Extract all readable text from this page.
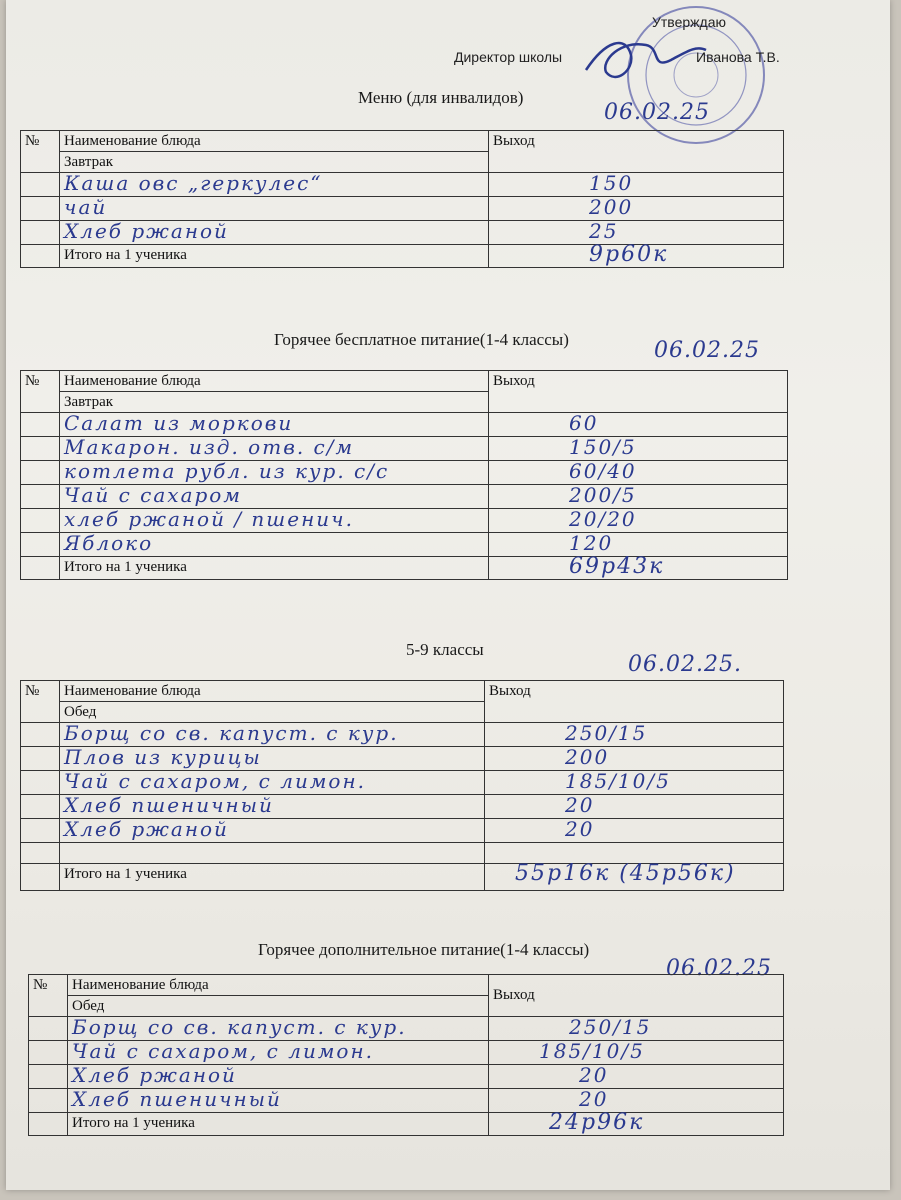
Утверждаю
Директор школы	Иванова Т.В.
Меню (для инвалидов)
06.02.25
№	Наименование блюда	Выход
	Завтрак	
	Каша овс „геркулес“	150
	чай	200
	Хлеб ржаной	25
	Итого на 1 ученика	9р60к
Горячее бесплатное питание(1-4 классы)	06.02.25
№	Наименование блюда	Выход
	Завтрак	
	Салат из моркови	60
	Макарон. изд. отв. с/м	150/5
	котлета рубл. из кур. с/с	60/40
	Чай с сахаром	200/5
	хлеб ржаной / пшенич.	20/20
	Яблоко	120
	Итого на 1 ученика	69р43к
5-9 классы
06.02.25.
№	Наименование блюда	Выход
	Обед	
	Борщ со св. капуст. с кур.	250/15
	Плов из курицы	200
	Чай с сахаром, с лимон.	185/10/5
	Хлеб пшеничный	20
	Хлеб ржаной	20

	Итого на 1 ученика	55р16к (45р56к)
Горячее дополнительное питание(1-4 классы)
06.02.25
№	Наименование блюда	Выход
	Обед	
	Борщ со св. капуст. с кур.	250/15
	Чай с сахаром, с лимон.	185/10/5
	Хлеб ржаной	20
	Хлеб пшеничный	20
	Итого на 1 ученика	24р96к
